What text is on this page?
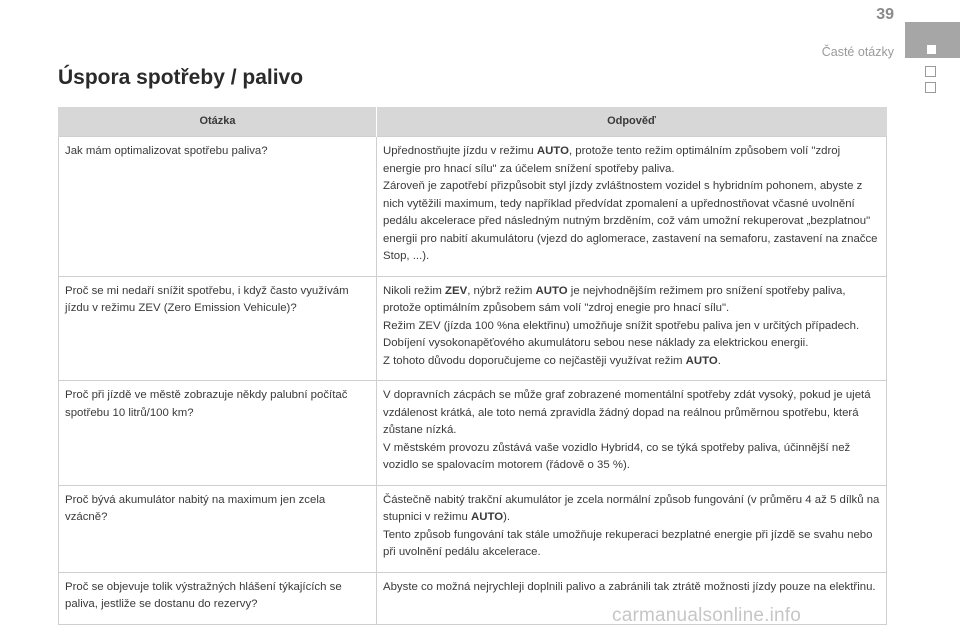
39
Časté otázky
Úspora spotřeby / palivo
Otázka	Odpověď
Jak mám optimalizovat spotřebu paliva?	Upřednostňujte jízdu v režimu AUTO, protože tento režim optimálním způsobem volí "zdroj energie pro hnací sílu" za účelem snížení spotřeby paliva.
Zároveň je zapotřebí přizpůsobit styl jízdy zvláštnostem vozidel s hybridním pohonem, abyste z nich vytěžili maximum, tedy například předvídat zpomalení a upřednostňovat včasné uvolnění pedálu akcelerace před následným nutným brzděním, což vám umožní rekuperovat „bezplatnou" energii pro nabití akumulátoru (vjezd do aglomerace, zastavení na semaforu, zastavení na značce Stop, ...).

Proč se mi nedaří snížit spotřebu, i když často využívám jízdu v režimu ZEV (Zero Emission Vehicule)?	Nikoli režim ZEV, nýbrž režim AUTO je nejvhodnějším režimem pro snížení spotřeby paliva, protože optimálním způsobem sám volí "zdroj enegie pro hnací sílu".
Režim ZEV (jízda 100 %na elektřinu) umožňuje snížit spotřebu paliva jen v určitých případech. Dobíjení vysokonapěťového akumulátoru sebou nese náklady za elektrickou energii.
Z tohoto důvodu doporučujeme co nejčastěji využívat režim AUTO.

Proč při jízdě ve městě zobrazuje někdy palubní počítač spotřebu 10 litrů/100 km?	V dopravních zácpách se může graf zobrazené momentální spotřeby zdát vysoký, pokud je ujetá vzdálenost krátká, ale toto nemá zpravidla žádný dopad na reálnou průměrnou spotřebu, která zůstane nízká.
V městském provozu zůstává vaše vozidlo Hybrid4, co se týká spotřeby paliva, účinnější než vozidlo se spalovacím motorem (řádově o 35 %).

Proč bývá akumulátor nabitý na maximum jen zcela vzácně?	Částečně nabitý trakční akumulátor je zcela normální způsob fungování (v průměru 4 až 5 dílků na stupnici v režimu AUTO).
Tento způsob fungování tak stále umožňuje rekuperaci bezplatné energie při jízdě se svahu nebo při uvolnění pedálu akcelerace.

Proč se objevuje tolik výstražných hlášení týkajících se paliva, jestliže se dostanu do rezervy?	Abyste co možná nejrychleji doplnili palivo a zabránili tak ztrátě možnosti jízdy pouze na elektřinu.
carmanualsonline.info
